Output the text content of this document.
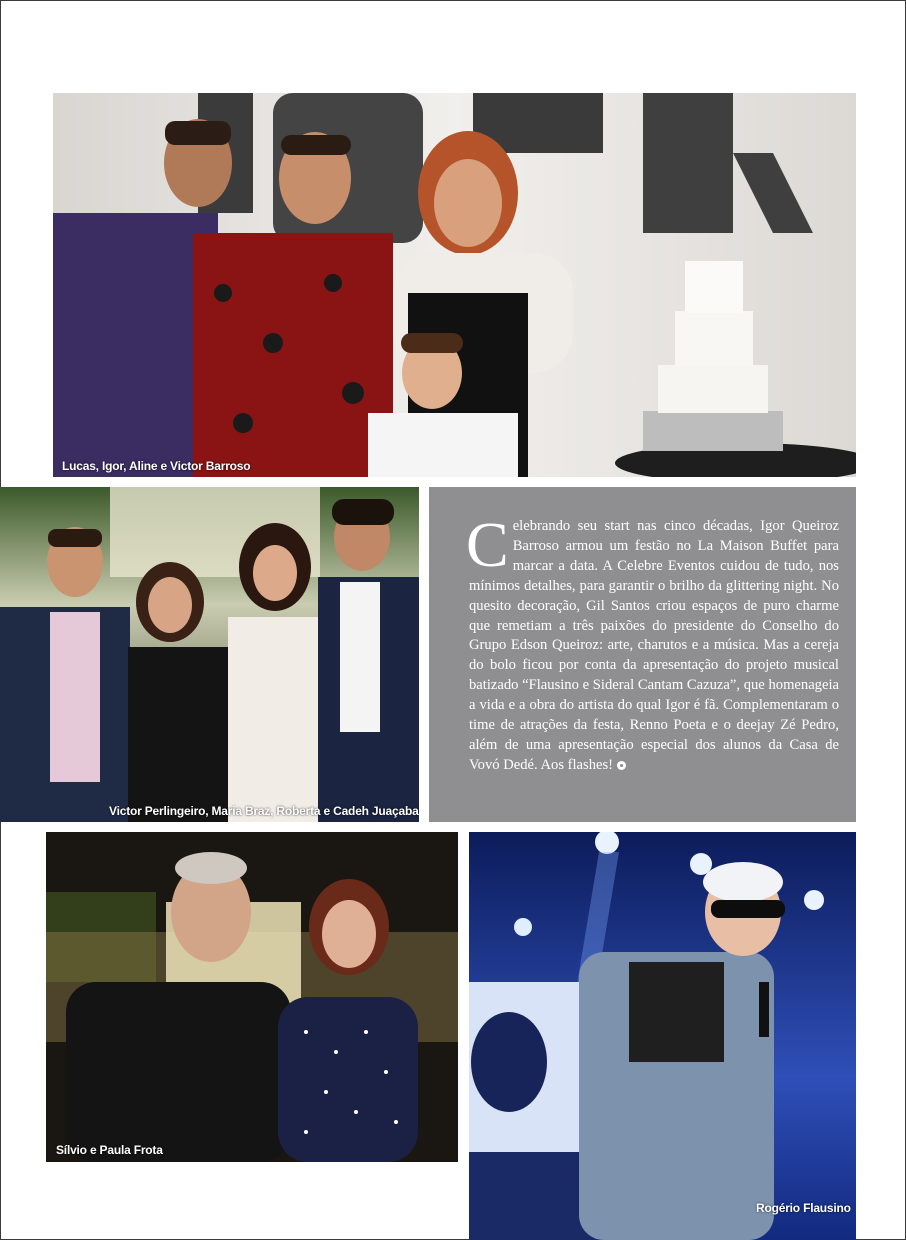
Lucas, Igor, Aline e Victor Barroso
Victor Perlingeiro, Maria Braz, Roberta e Cadeh Juaçaba

Celebrando seu start nas cinco décadas, Igor Queiroz Barroso armou um festão no La Maison Buffet para marcar a data. A Celebre Eventos cuidou de tudo, nos mínimos detalhes, para garantir o brilho da glittering night. No quesito decoração, Gil Santos criou espaços de puro charme que remetiam a três paixões do presidente do Conselho do Grupo Edson Queiroz: arte, charutos e a música. Mas a cereja do bolo ficou por conta da apresentação do projeto musical batizado “Flausino e Sideral Cantam Cazuza”, que homenageia a vida e a obra do artista do qual Igor é fã. Complementaram o time de atrações da festa, Renno Poeta e o deejay Zé Pedro, além de uma apresentação especial dos alunos da Casa de Vovó Dedé. Aos flashes!

Sílvio e Paula Frota
USIN
Rogério Flausino
